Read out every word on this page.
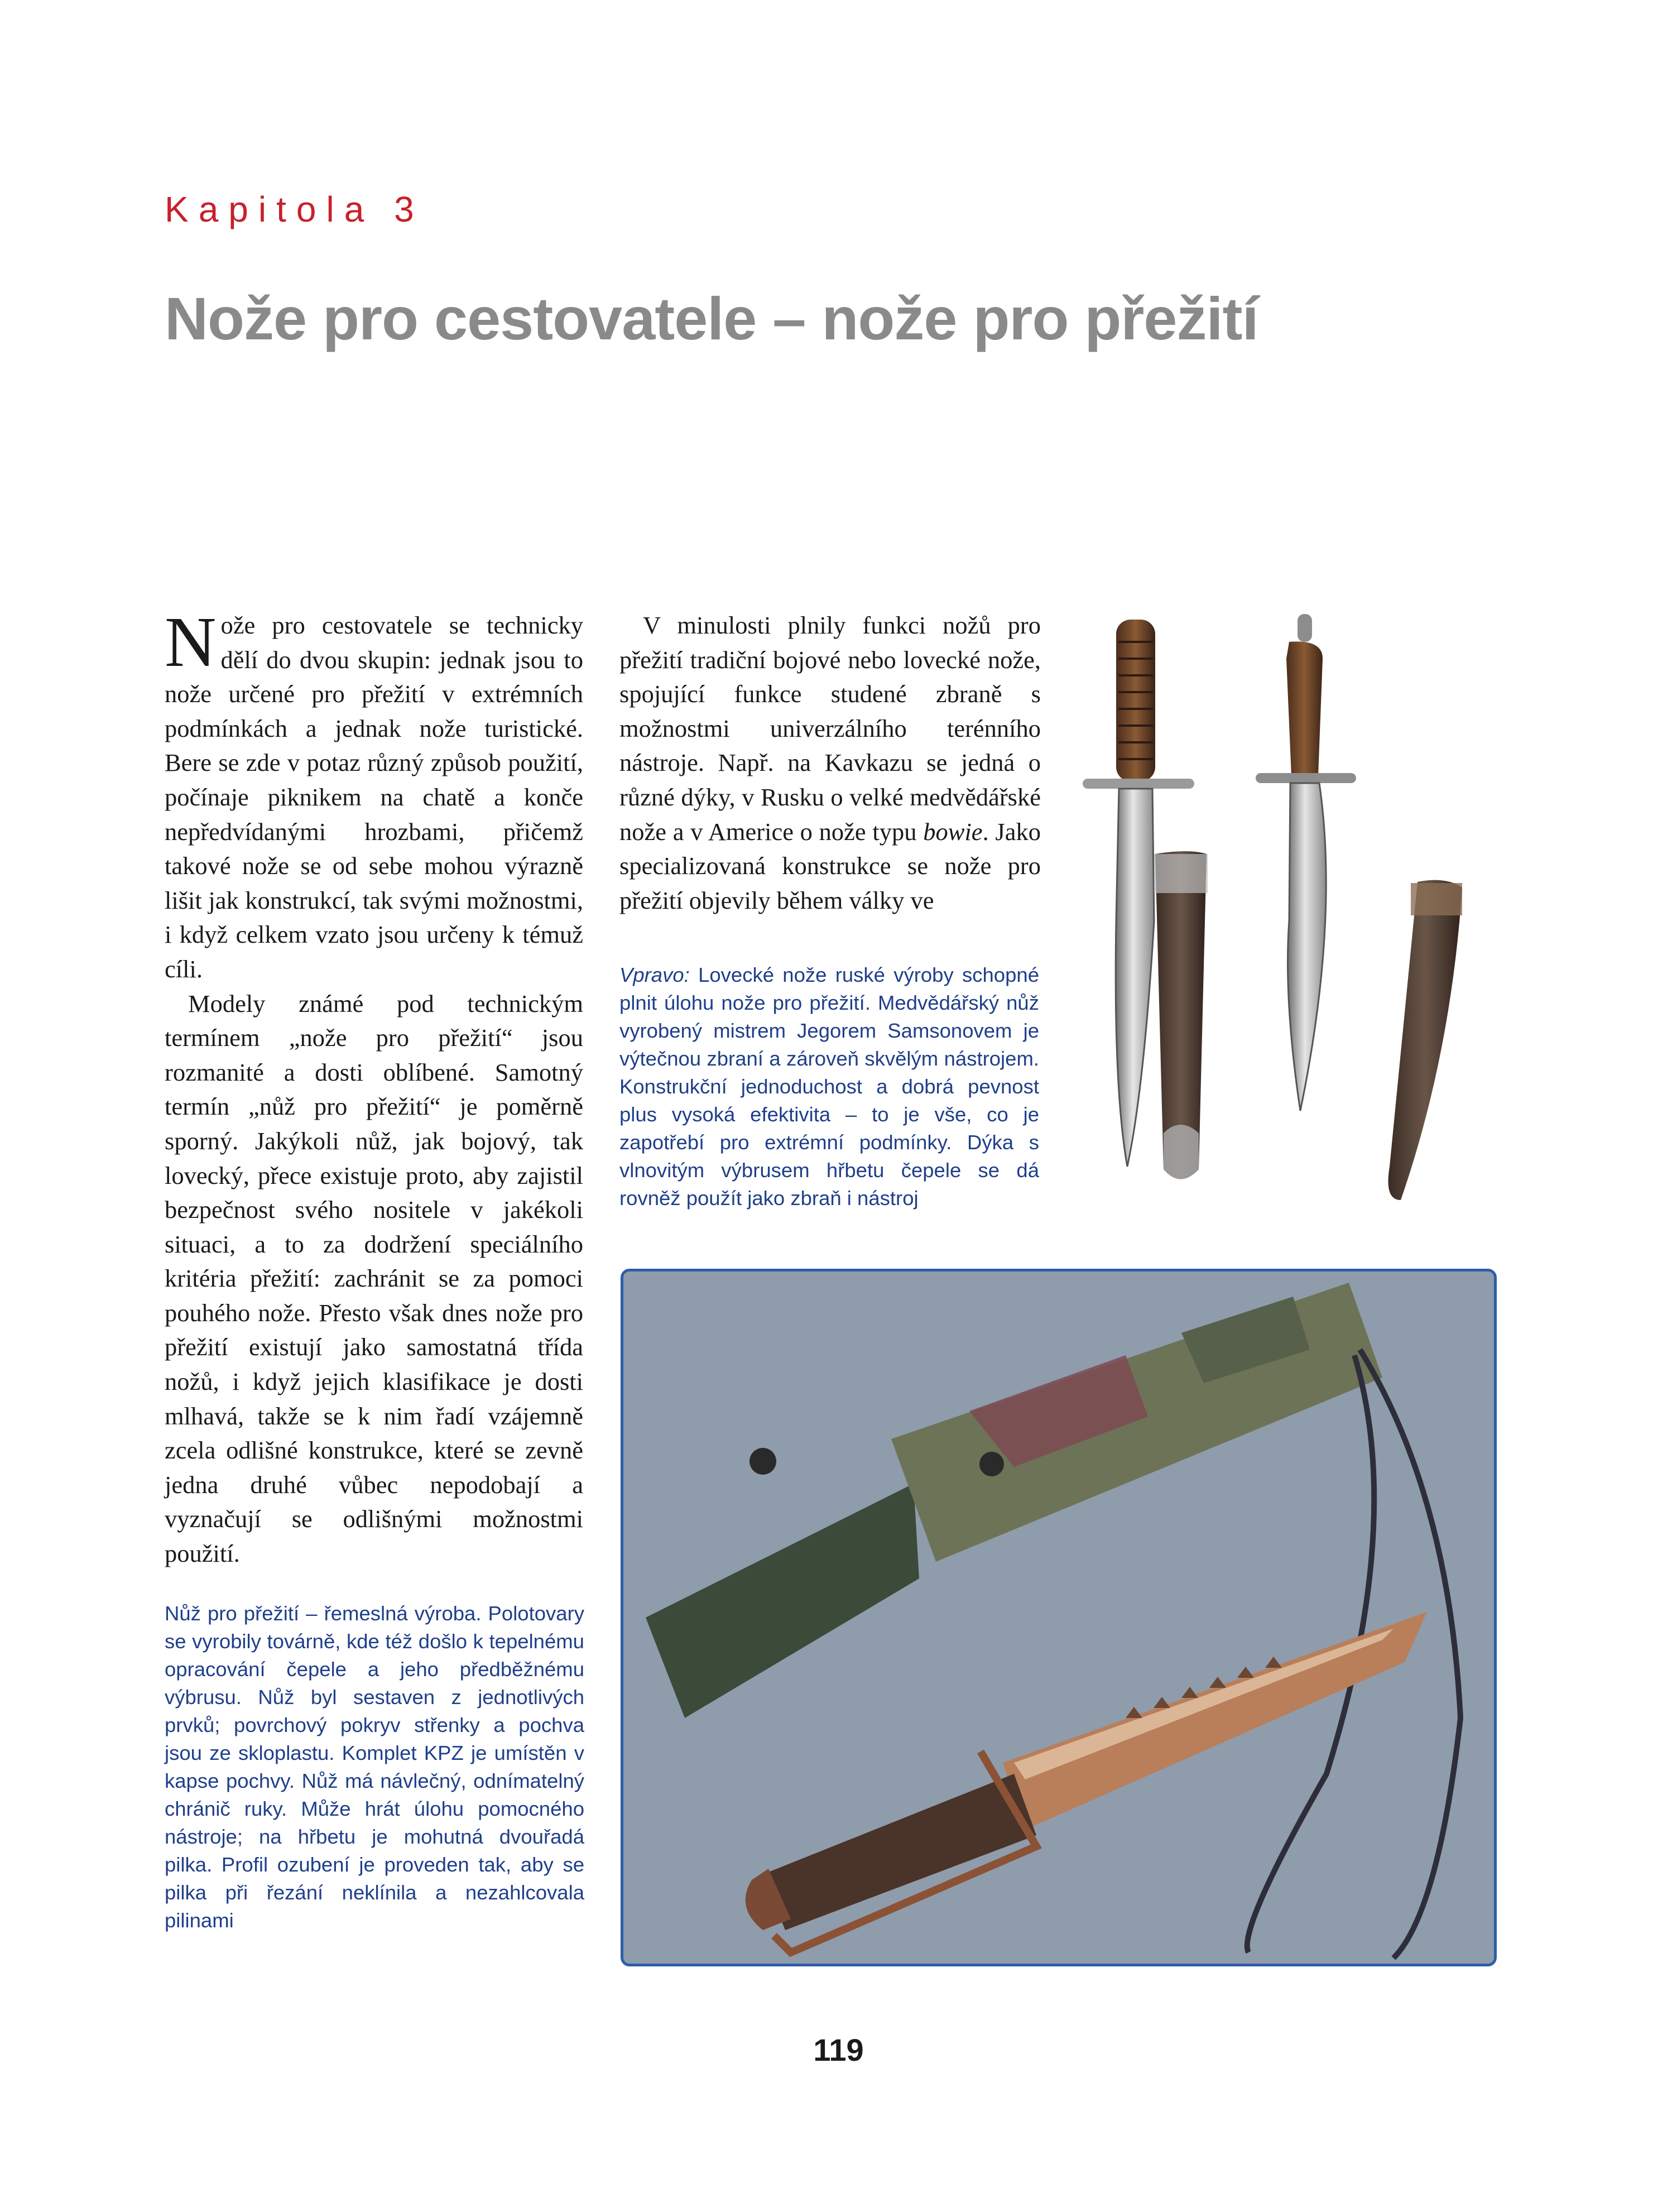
Kapitola 3
Nože pro cestovatele – nože pro přežití

Nože pro cestovatele se technicky dělí do dvou skupin: jednak jsou to nože určené pro přežití v extrémních podmínkách a jednak nože turistické. Bere se zde v potaz různý způsob použití, počínaje piknikem na chatě a konče nepředvídanými hrozbami, přičemž takové nože se od sebe mohou výrazně lišit jak konstrukcí, tak svými možnostmi, i když celkem vzato jsou určeny k témuž cíli.

Modely známé pod technickým termínem „nože pro přežití“ jsou rozmanité a dosti oblíbené. Samotný termín „nůž pro přežití“ je poměrně sporný. Jakýkoli nůž, jak bojový, tak lovecký, přece existuje proto, aby zajistil bezpečnost svého nositele v jakékoli situaci, a to za dodržení speciálního kritéria přežití: zachránit se za pomoci pouhého nože. Přesto však dnes nože pro přežití existují jako samostatná třída nožů, i když jejich klasifikace je dosti mlhavá, takže se k nim řadí vzájemně zcela odlišné konstrukce, které se zevně jedna druhé vůbec nepodobají a vyznačují se odlišnými možnostmi použití.

V minulosti plnily funkci nožů pro přežití tradiční bojové nebo lovecké nože, spojující funkce studené zbraně s možnostmi univerzálního terénního nástroje. Např. na Kavkazu se jedná o různé dýky, v Rusku o velké medvědářské nože a v Americe o nože typu bowie. Jako specializovaná konstrukce se nože pro přežití objevily během války ve

Vpravo: Lovecké nože ruské výroby schopné plnit úlohu nože pro přežití. Medvědářský nůž vyrobený mistrem Jegorem Samsonovem je výtečnou zbraní a zároveň skvělým nástrojem. Konstrukční jednoduchost a dobrá pevnost plus vysoká efektivita – to je vše, co je zapotřebí pro extrémní podmínky. Dýka s vlnovitým výbrusem hřbetu čepele se dá rovněž použít jako zbraň i nástroj
Nůž pro přežití – řemeslná výroba. Polotovary se vyrobily továrně, kde též došlo k tepelnému opracování čepele a jeho předběžnému výbrusu. Nůž byl sestaven z jednotlivých prvků; povrchový pokryv střenky a pochva jsou ze skloplastu. Komplet KPZ je umístěn v kapse pochvy. Nůž má návlečný, odnímatelný chránič ruky. Může hrát úlohu pomocného nástroje; na hřbetu je mohutná dvouřadá pilka. Profil ozubení je proveden tak, aby se pilka při řezání neklínila a nezahlcovala pilinami
119
